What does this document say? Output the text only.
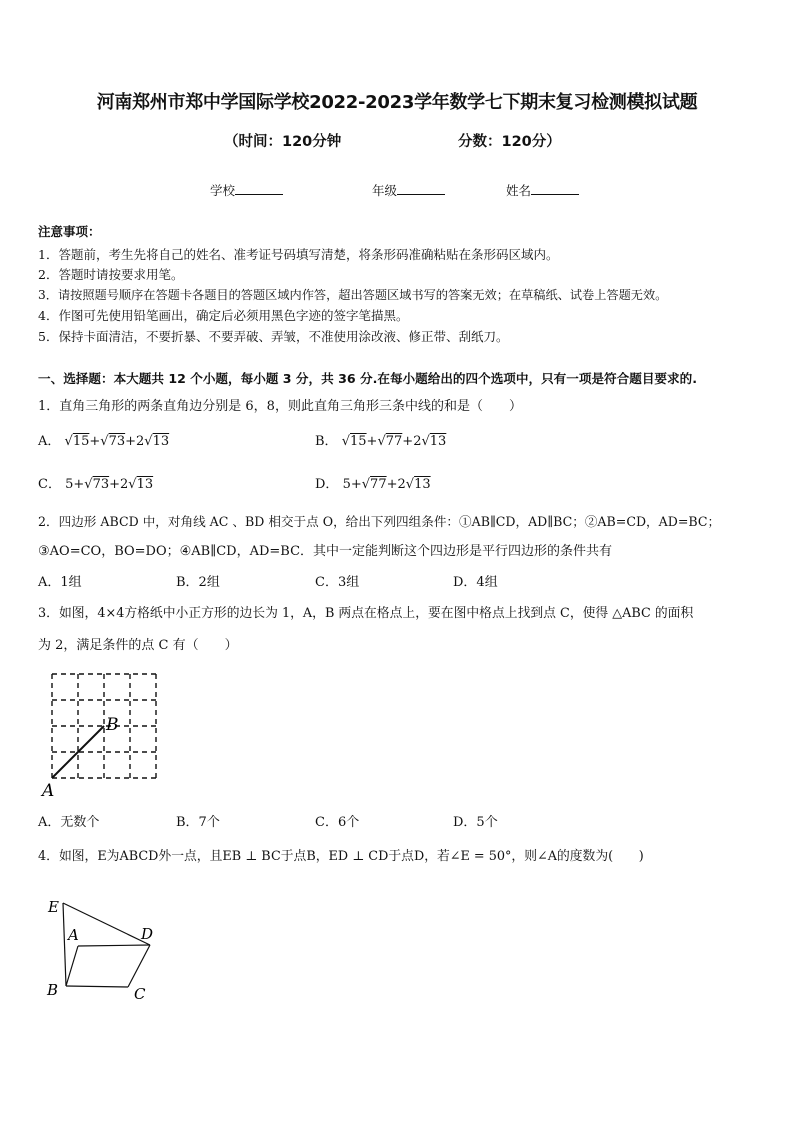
河南郑州市郑中学国际学校2022-2023学年数学七下期末复习检测模拟试题
（时间：120分钟	分数：120分）
学校	年级	姓名
注意事项：
1．答题前，考生先将自己的姓名、准考证号码填写清楚，将条形码准确粘贴在条形码区域内。
2．答题时请按要求用笔。
3．请按照题号顺序在答题卡各题目的答题区域内作答，超出答题区域书写的答案无效；在草稿纸、试卷上答题无效。
4．作图可先使用铅笔画出，确定后必须用黑色字迹的签字笔描黑。
5．保持卡面清洁，不要折暴、不要弄破、弄皱，不准使用涂改液、修正带、刮纸刀。
一、选择题：本大题共 12 个小题，每小题 3 分，共 36 分.在每小题给出的四个选项中，只有一项是符合题目要求的.
1．直角三角形的两条直角边分别是 6，8，则此直角三角形三条中线的和是（　　）
A． √15+√73+2√13	B． √15+√77+2√13
C． 5+√73+2√13	D． 5+√77+2√13
2．四边形 ABCD 中，对角线 AC 、BD 相交于点 O，给出下列四组条件：①AB∥CD，AD∥BC；②AB=CD，AD=BC；
③AO=CO，BO=DO；④AB∥CD，AD=BC．其中一定能判断这个四边形是平行四边形的条件共有
A．1组	B．2组	C．3组	D．4组
3．如图，4×4方格纸中小正方形的边长为 1，A，B 两点在格点上，要在图中格点上找到点 C，使得 △ABC 的面积
为 2，满足条件的点 C 有（　　）
A
B
A．无数个	B．7个	C．6个	D．5个
4．如图，E为ABCD外一点，且EB ⊥ BC于点B，ED ⊥ CD于点D，若∠E = 50°，则∠A的度数为(　　)
E
A	D
B	C
